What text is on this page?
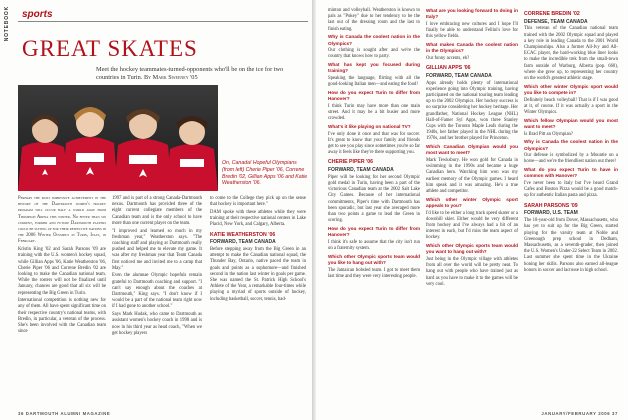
NOTEBOOK sports
GREAT SKATES
Meet the hockey teammates-turned-opponents who'll be on the ice for two countries in Turin. By Mark Sweeney '05
On, Canada! Hopeful Olympians (from left) Cherie Piper '06, Correne Bredin '02, Gillian Apps '06 and Katie Weatherston '06.

Perhaps the most impressive achievement in the history of the Dartmouth women's hockey program will occur half a world away from Thompson Arena this winter. No fewer than six current, former and future Dartmouth players could be suiting up for their respective nations in the 2006 Winter Olympics in Turin, Italy, in February.

Kristin King '02 and Sarah Parsons '09 are training with the U.S. women's hockey squad, while Gillian Apps '06, Katie Weatherston '06, Cherie Piper '06 and Correne Bredin '02 are looking to make the Canadian national team. While the rosters will not be finalized until January, chances are good that all six will be representing the Big Green in Turin.

International competition is nothing new for any of them. All have spent significant time on their respective country's national teams, with Bredin, in particular, a veteran of the process. She's been involved with the Canadian team since

1997 and is part of a strong Canada-Dartmouth nexus. Dartmouth has provided three of the eight current collegiate members of the Canadian team and is the only school to have more than one current player on the team.

"I improved and learned so much in my freshman year," Weatherston says. "The coaching staff and playing at Dartmouth really pushed and helped me to elevate my game. It was after my freshman year that Team Canada first noticed me and invited me to a camp that May."

Even the alumnae Olympic hopefuls remain grateful to Dartmouth coaching and support. "I can't say enough about the coaches at Dartmouth," King says. "I don't know if I would be a part of the national team right now if I had gone to another school."

Says Mark Hudak, who came to Dartmouth as assistant women's hockey coach in 1998 and is now in his third year as head coach, "When we get hockey players

to come to the College they pick up on the sense that hockey is important here."

DAM spoke with these athletes while they were training at their respective national centers in Lake Placid, New York, and Calgary, Alberta.

KATIE WEATHERSTON '06

FORWARD, TEAM CANADA

Before stepping away from the Big Green in an attempt to make the Canadian national squad, the Thunder Bay, Ontario, native paced the team in goals and points as a sophomore—and finished second in the nation last winter in goals per game. She was named the St. Patrick High School's Athlete of the Year, a remarkable four-times while playing a myriad of sports outside of hockey, including basketball, soccer, tennis, bad-

36 DARTMOUTH ALUMNI MAGAZINE

minton and volleyball. Weatherston is known to pals as "Pokey" due to her tendency to be the last out of the dressing room and the last to finish eating.

Why is Canada the coolest nation in the Olympics?

Our clothing is sought after and we're the country that knows how to party.

What has kept you focused during training?

Speaking the language, flirting with all the good-looking Italian men—and eating the food!

How do you expect Turin to differ from Hanover?

I think Turin may have more than one main street. And it may be a bit busier and more crowded.

What's it like playing on national TV?

I've only done it once and that was for soccer. It's great to know that your family and friends get to see you play since sometimes you're so far away it feels like they're there supporting you.

CHERIE PIPER '06

FORWARD, TEAM CANADA

Piper will be looking for her second Olympic gold medal in Turin, having been a part of the victorious Canadian team at the 2002 Salt Lake City Games. Because of her international commitments, Piper's time with Dartmouth has been sporadic, but last year she averaged more than two points a game to lead the Green in scoring.

How do you expect Turin to differ from Hanover?

I think it's safe to assume that the city isn't run on a fraternity system.

Which other Olympic sports team would you like to hang out with?

The Jamaican bobsled team. I got to meet them last time and they were very interesting people.

What are you looking forward to doing in Italy?

I love embracing new cultures and I hope I'll finally be able to understand Fellini's love for this yellow fields.

What makes Canada the coolest nation in the Olympics?

Our funny accents, eh?

GILLIAN APPS '06

FORWARD, TEAM CANADA

Apps already holds plenty of international experience going into Olympic training, having participated on the national touring team leading up to the 2002 Olympics. Her hockey success is no surprise considering her hockey heritage. Her grandfather, National Hockey League (NHL) Hall-of-Famer Syl Apps, won three Stanley Cups with the Toronto Maple Leafs during the 1940s, her father played in the NHL during the 1970s, and her brother played for Princeton.

Which Canadian Olympian would you most want to meet?

Mark Tewksbury. He won gold for Canada in swimming in the 1990s and became a huge Canadian hero. Watching him won was my earliest memory of the Olympic games. I heard him speak and it was amazing. He's a true athlete and competitor.

Which other winter Olympic sport appeals to you?

I'd like to be either a long track speed skater or a downhill skier. Either would be very different from hockey and I've always had a bit of an interest in each, but I'd miss the team aspect of hockey.

Which other Olympic sports team would you want to hang out with?

Just being in the Olympic village with athletes from all over the world will be pretty neat. To hang out with people who have trained just as hard as you have to make it to the games will be very cool.

CORRENE BREDIN '02

DEFENSE, TEAM CANADA

This veteran of the Canadian national team trained with the 2002 Olympic squad and played a key role in leading Canada to the 2001 World Championships. Also a former All-Ivy and All-ECAC player, the hard-working blue liner looks to make the incredible trek from the small-town farm outside of Warburg, Alberta (pop. 660), where she grew up, to representing her country on the world's greatest athletic stage.

Which other winter Olympic sport would you like to compete in?

Definitely beach volleyball! That is if I was good at it, of course. If it was actually a sport in the Winter Olympics.

Which fellow Olympian would you most want to meet?

Is Brad Pitt an Olympian?

Why is Canada the coolest nation in the Olympics?

Our defense is symbolized by a Mountie on a horse—and we're the friendliest nation out there!

What do you expect Turin to have in common with Hanover?

I've never been to Italy but I've heard Grand Cafes and Boston Pizza would be a good match-up for authentic Italian pasta and pizza.

SARAH PARSONS '09

FORWARD, U.S. TEAM

The 18-year-old from Dover, Massachusetts, who has yet to suit up for the Big Green, started playing for the varsity team at Noble and Greenough prep school in Dedham, Massachusetts, as a seventh-grader, then joined the U.S. Women's Under-22 Select Team in 2002. Last summer she spent time in the Ukraine honing her skills. Parsons also earned all-league honors in soccer and lacrosse in high school.

JANUARY/FEBRUARY 2006 37
